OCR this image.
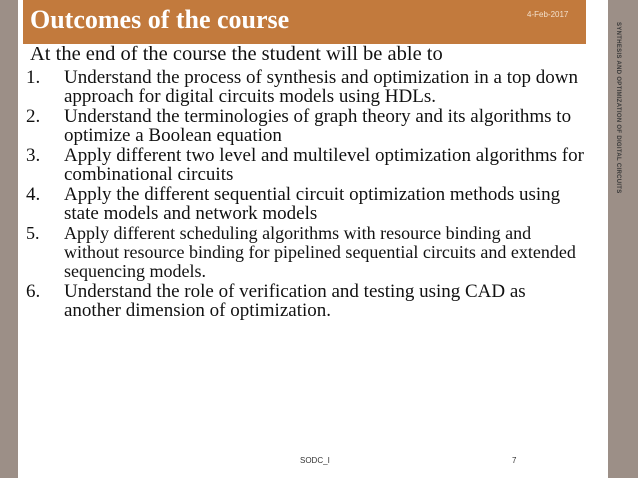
Outcomes of the course	4-Feb-2017
SYNTHESIS AND OPTIMIZATION OF DIGITAL CIRCUITS
At the end of the course the student will be able to
1.	Understand the process of synthesis and optimization in a top down approach for digital circuits models using HDLs.
2.	Understand the terminologies of graph theory and its algorithms to optimize a Boolean equation
3.	Apply different two level and multilevel optimization algorithms for combinational circuits
4.	Apply the different sequential circuit optimization methods using state models and network models
5.	Apply different scheduling algorithms with resource binding and without resource binding for pipelined sequential circuits and extended sequencing models.
6.	Understand the role of verification and testing using CAD as another dimension of optimization.
SODC_I	7
